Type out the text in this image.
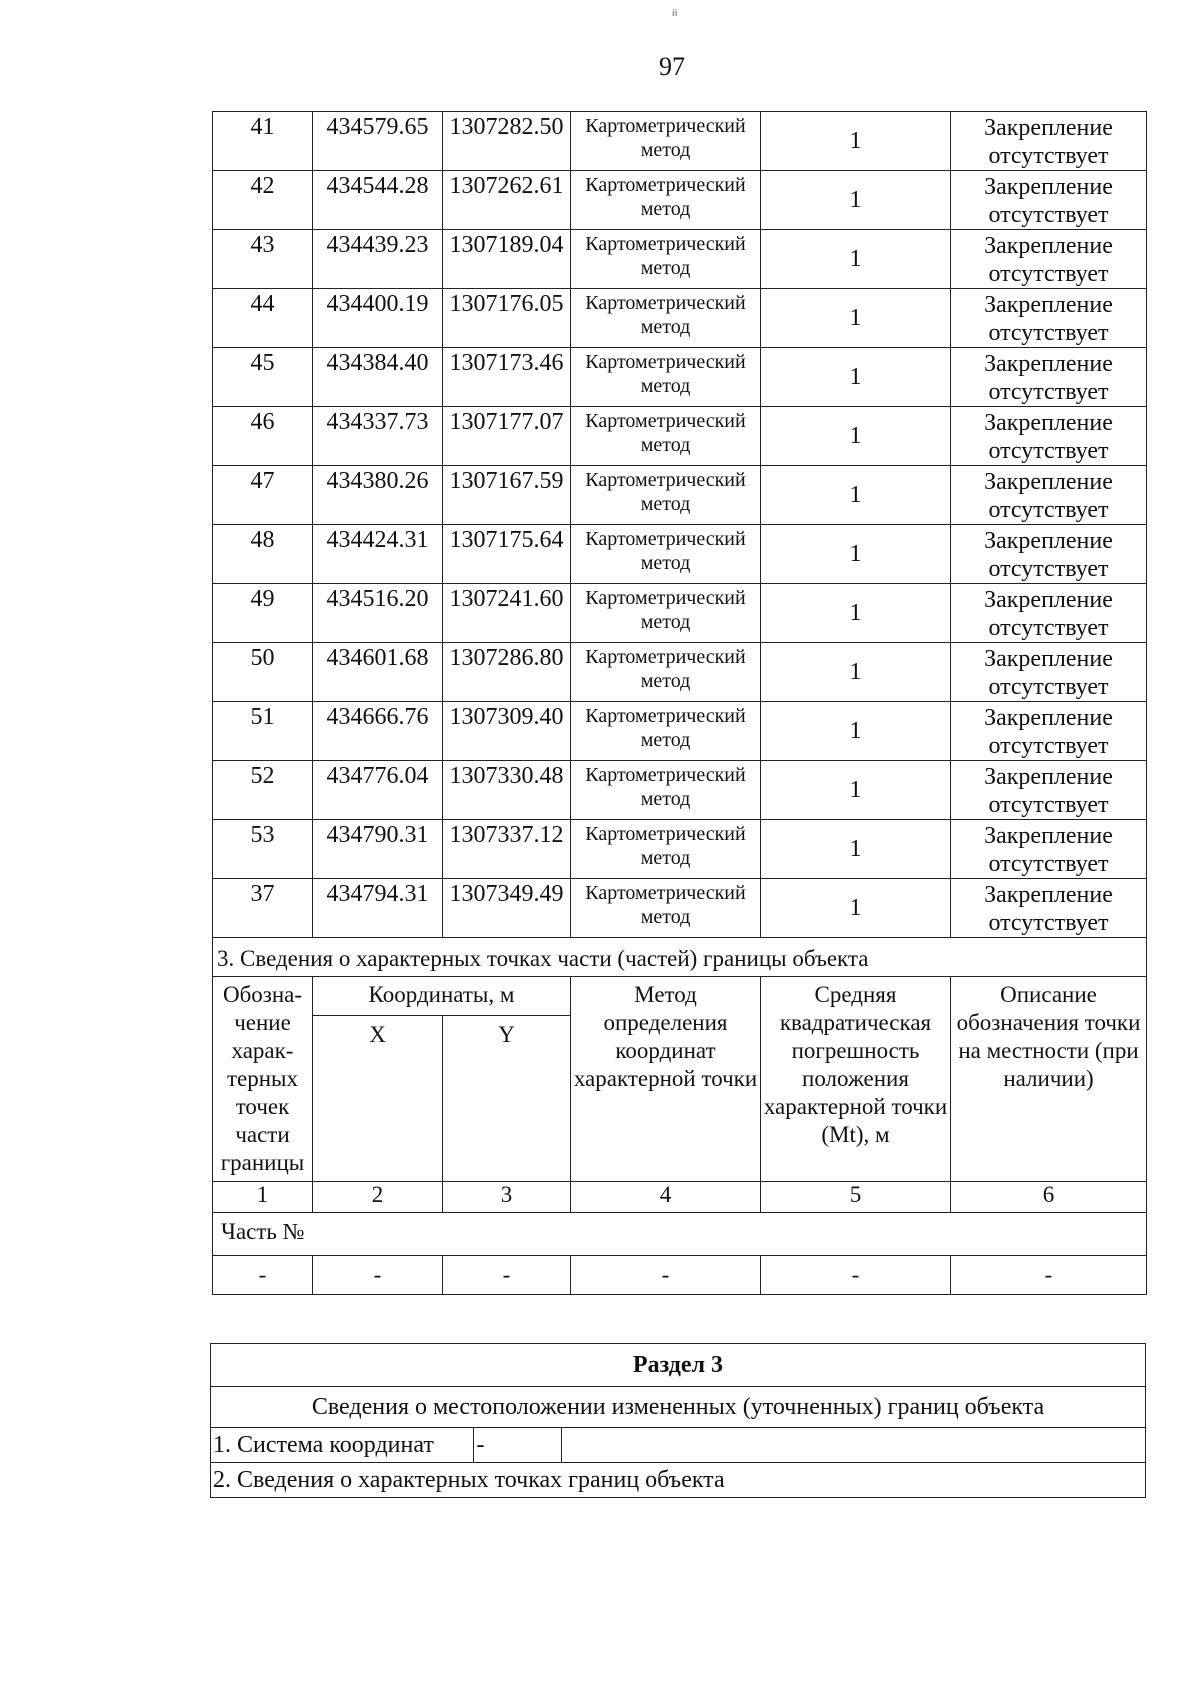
й
97
41	434579.65	1307282.50	Картометрический метод	1	Закрепление отсутствует
42	434544.28	1307262.61	Картометрический метод	1	Закрепление отсутствует
43	434439.23	1307189.04	Картометрический метод	1	Закрепление отсутствует
44	434400.19	1307176.05	Картометрический метод	1	Закрепление отсутствует
45	434384.40	1307173.46	Картометрический метод	1	Закрепление отсутствует
46	434337.73	1307177.07	Картометрический метод	1	Закрепление отсутствует
47	434380.26	1307167.59	Картометрический метод	1	Закрепление отсутствует
48	434424.31	1307175.64	Картометрический метод	1	Закрепление отсутствует
49	434516.20	1307241.60	Картометрический метод	1	Закрепление отсутствует
50	434601.68	1307286.80	Картометрический метод	1	Закрепление отсутствует
51	434666.76	1307309.40	Картометрический метод	1	Закрепление отсутствует
52	434776.04	1307330.48	Картометрический метод	1	Закрепление отсутствует
53	434790.31	1307337.12	Картометрический метод	1	Закрепление отсутствует
37	434794.31	1307349.49	Картометрический метод	1	Закрепление отсутствует
3. Сведения о характерных точках части (частей) границы объекта					
Обозна- чение харак- терных точек части границы	Координаты, м		Метод определения координат характерной точки	Средняя квадратическая погрешность положения характерной точки (Mt), м	Описание обозначения точки на местности (при наличии)
	X	Y			
1	2	3	4	5	6
Часть №					
-	-	-	-	-	-
Раздел 3
Сведения о местоположении измененных (уточненных) границ объекта

1. Система координат	-	

2. Сведения о характерных точках границ объекта
